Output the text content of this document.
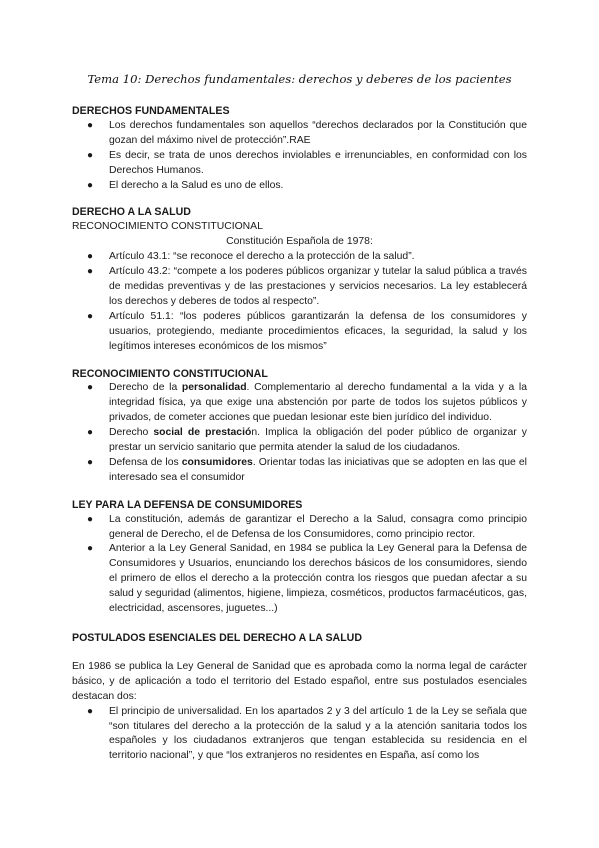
Tema 10: Derechos fundamentales: derechos y deberes de los pacientes
DERECHOS FUNDAMENTALES
● Los derechos fundamentales son aquellos “derechos declarados por la Constitución que gozan del máximo nivel de protección”.RAE
● Es decir, se trata de unos derechos inviolables e irrenunciables, en conformidad con los Derechos Humanos.
● El derecho a la Salud es uno de ellos.
DERECHO A LA SALUD

RECONOCIMIENTO CONSTITUCIONAL

Constitución Española de 1978:

● Artículo 43.1: “se reconoce el derecho a la protección de la salud”.
● Artículo 43.2: “compete a los poderes públicos organizar y tutelar la salud pública a través de medidas preventivas y de las prestaciones y servicios necesarios. La ley establecerá los derechos y deberes de todos al respecto”.
● Artículo 51.1: “los poderes públicos garantizarán la defensa de los consumidores y usuarios, protegiendo, mediante procedimientos eficaces, la seguridad, la salud y los legítimos intereses económicos de los mismos”
RECONOCIMIENTO CONSTITUCIONAL
● Derecho de la personalidad. Complementario al derecho fundamental a la vida y a la integridad física, ya que exige una abstención por parte de todos los sujetos públicos y privados, de cometer acciones que puedan lesionar este bien jurídico del individuo.
● Derecho social de prestación. Implica la obligación del poder público de organizar y prestar un servicio sanitario que permita atender la salud de los ciudadanos.
● Defensa de los consumidores. Orientar todas las iniciativas que se adopten en las que el interesado sea el consumidor
LEY PARA LA DEFENSA DE CONSUMIDORES
● La constitución, además de garantizar el Derecho a la Salud, consagra como principio general de Derecho, el de Defensa de los Consumidores, como principio rector.
● Anterior a la Ley General Sanidad, en 1984 se publica la Ley General para la Defensa de Consumidores y Usuarios, enunciando los derechos básicos de los consumidores, siendo el primero de ellos el derecho a la protección contra los riesgos que puedan afectar a su salud y seguridad (alimentos, higiene, limpieza, cosméticos, productos farmacéuticos, gas, electricidad, ascensores, juguetes...)
POSTULADOS ESENCIALES DEL DERECHO A LA SALUD

En 1986 se publica la Ley General de Sanidad que es aprobada como la norma legal de carácter básico, y de aplicación a todo el territorio del Estado español, entre sus postulados esenciales destacan dos:

● El principio de universalidad. En los apartados 2 y 3 del artículo 1 de la Ley se señala que “son titulares del derecho a la protección de la salud y a la atención sanitaria todos los españoles y los ciudadanos extranjeros que tengan establecida su residencia en el territorio nacional”, y que “los extranjeros no residentes en España, así como los
